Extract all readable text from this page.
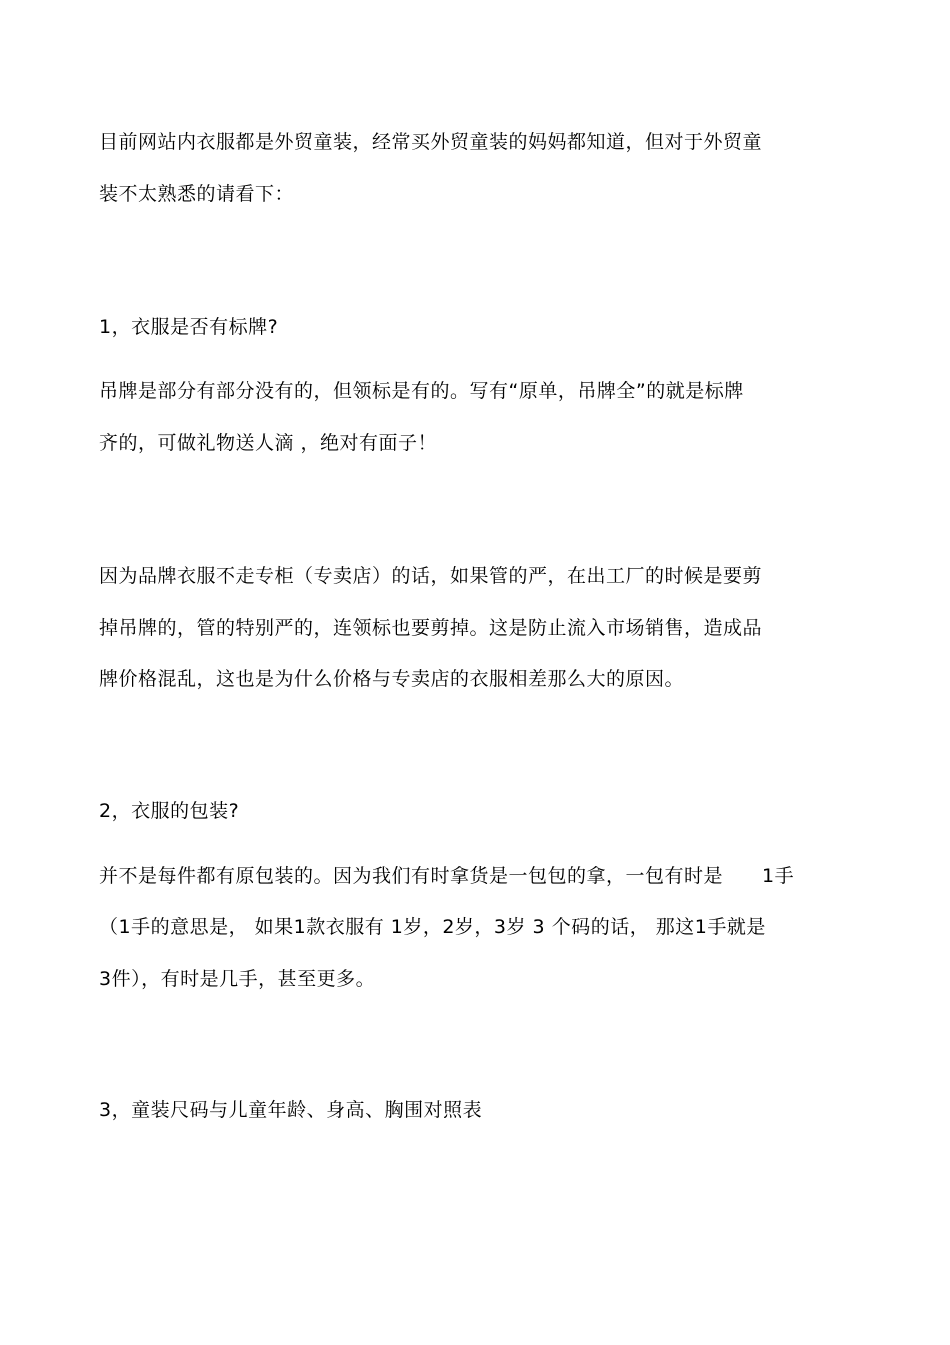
目前网站内衣服都是外贸童装，经常买外贸童装的妈妈都知道，但对于外贸童
装不太熟悉的请看下：
1，衣服是否有标牌?
吊牌是部分有部分没有的，但领标是有的。写有“原单，吊牌全”的就是标牌
齐的，可做礼物送人滴 ，绝对有面子！
因为品牌衣服不走专柜（专卖店）的话，如果管的严，在出工厂的时候是要剪
掉吊牌的，管的特别严的，连领标也要剪掉。这是防止流入市场销售，造成品
牌价格混乱，这也是为什么价格与专卖店的衣服相差那么大的原因。
2，衣服的包装?
并不是每件都有原包装的。因为我们有时拿货是一包包的拿，一包有时是　　1手
（1手的意思是， 如果1款衣服有 1岁，2岁，3岁 3 个码的话， 那这1手就是
3件），有时是几手，甚至更多。
3，童装尺码与儿童年龄、身高、胸围对照表
